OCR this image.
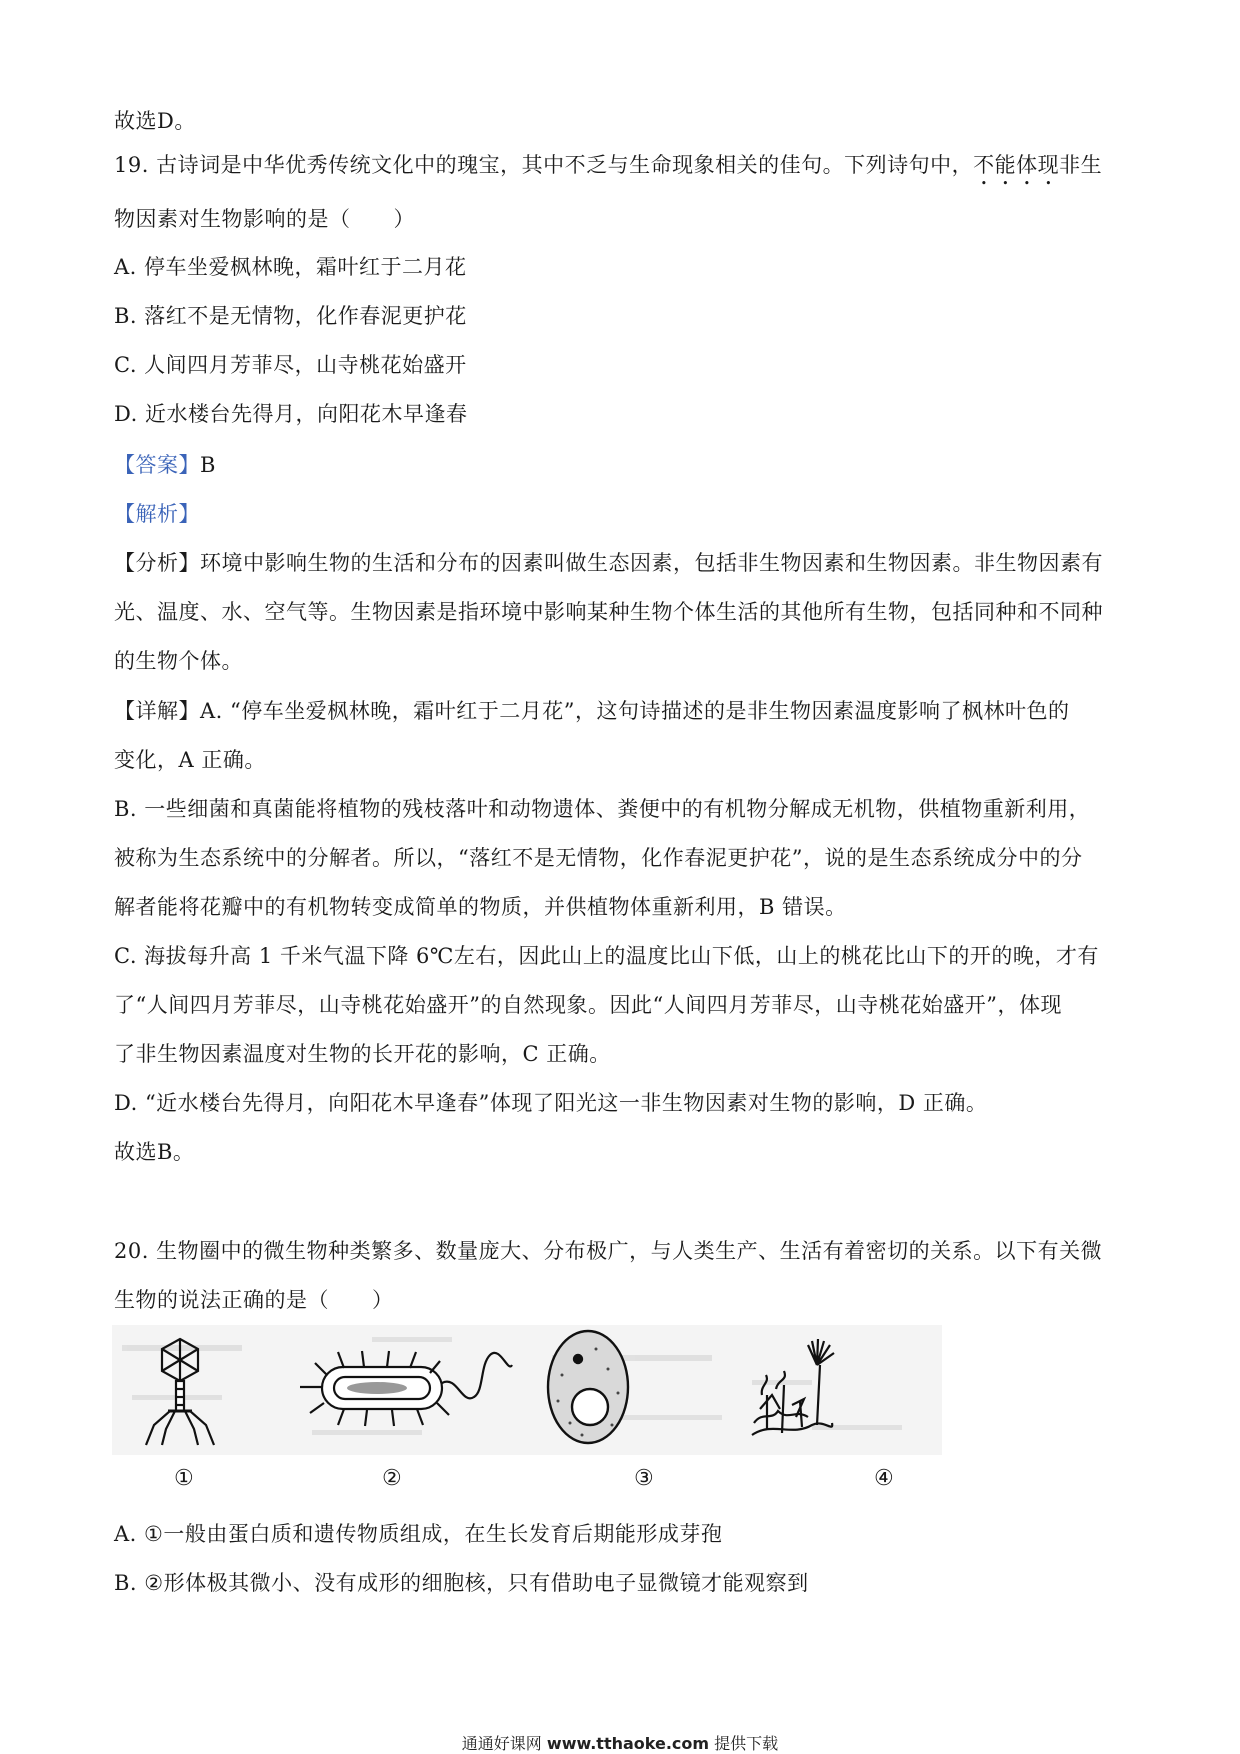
故选D。
19. 古诗词是中华优秀传统文化中的瑰宝，其中不乏与生命现象相关的佳句。下列诗句中，不能体现非生
物因素对生物影响的是（　　）
A. 停车坐爱枫林晚，霜叶红于二月花
B. 落红不是无情物，化作春泥更护花
C. 人间四月芳菲尽，山寺桃花始盛开
D. 近水楼台先得月，向阳花木早逢春
【答案】B
【解析】
【分析】环境中影响生物的生活和分布的因素叫做生态因素，包括非生物因素和生物因素。非生物因素有
光、温度、水、空气等。生物因素是指环境中影响某种生物个体生活的其他所有生物，包括同种和不同种
的生物个体。
【详解】A. “停车坐爱枫林晚，霜叶红于二月花”，这句诗描述的是非生物因素温度影响了枫林叶色的
变化，A 正确。
B. 一些细菌和真菌能将植物的残枝落叶和动物遗体、粪便中的有机物分解成无机物，供植物重新利用，
被称为生态系统中的分解者。所以，“落红不是无情物，化作春泥更护花”，说的是生态系统成分中的分
解者能将花瓣中的有机物转变成简单的物质，并供植物体重新利用，B 错误。
C. 海拔每升高 1 千米气温下降 6℃左右，因此山上的温度比山下低，山上的桃花比山下的开的晚，才有
了“人间四月芳菲尽，山寺桃花始盛开”的自然现象。因此“人间四月芳菲尽，山寺桃花始盛开”，体现
了非生物因素温度对生物的长开花的影响，C 正确。
D. “近水楼台先得月，向阳花木早逢春”体现了阳光这一非生物因素对生物的影响，D 正确。
故选B。
20. 生物圈中的微生物种类繁多、数量庞大、分布极广，与人类生产、生活有着密切的关系。以下有关微
生物的说法正确的是（　　）
①	②	③	④
A. ①一般由蛋白质和遗传物质组成，在生长发育后期能形成芽孢
B. ②形体极其微小、没有成形的细胞核，只有借助电子显微镜才能观察到
通通好课网 www.tthaoke.com 提供下载
